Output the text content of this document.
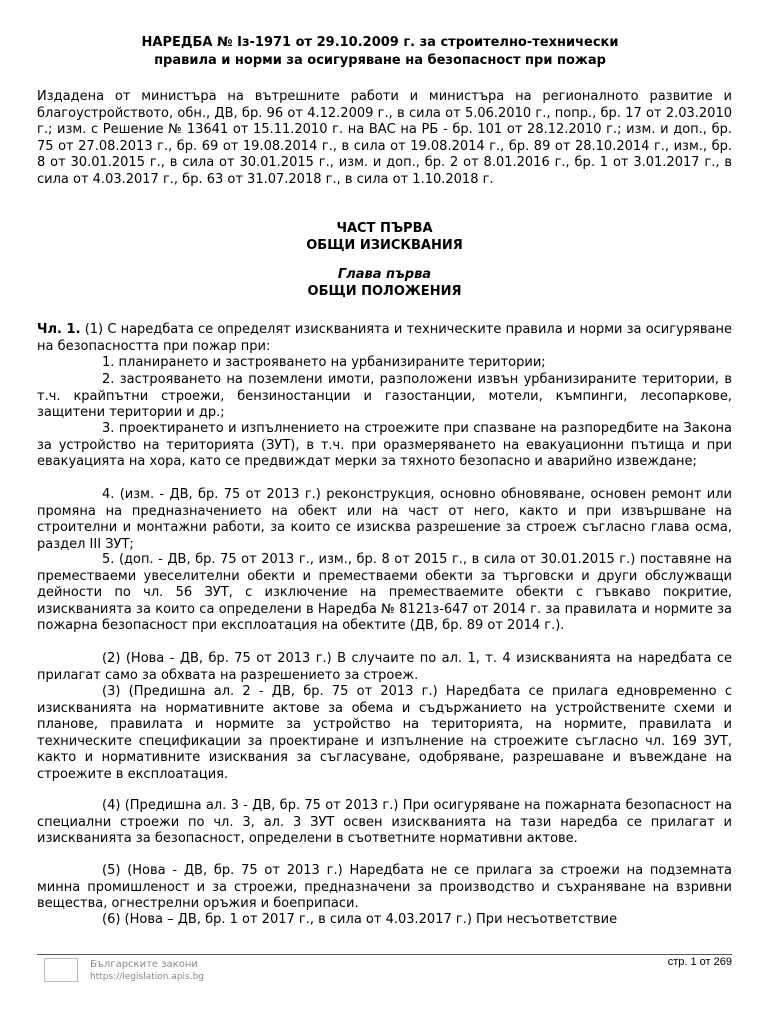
НАРЕДБА № Iз-1971 от 29.10.2009 г. за строително-технически
правила и норми за осигуряване на безопасност при пожар
Издадена от министъра на вътрешните работи и министъра на регионалното развитие и благоустройството, обн., ДВ, бр. 96 от 4.12.2009 г., в сила от 5.06.2010 г., попр., бр. 17 от 2.03.2010 г.; изм. с Решение № 13641 от 15.11.2010 г. на ВАС на РБ - бр. 101 от 28.12.2010 г.; изм. и доп., бр. 75 от 27.08.2013 г., бр. 69 от 19.08.2014 г., в сила от 19.08.2014 г., бр. 89 от 28.10.2014 г., изм., бр. 8 от 30.01.2015 г., в сила от 30.01.2015 г., изм. и доп., бр. 2 от 8.01.2016 г., бр. 1 от 3.01.2017 г., в сила от 4.03.2017 г., бр. 63 от 31.07.2018 г., в сила от 1.10.2018 г.
ЧАСТ ПЪРВА
ОБЩИ ИЗИСКВАНИЯ
Глава първа
ОБЩИ ПОЛОЖЕНИЯ
Чл. 1. (1) С наредбата се определят изискванията и техническите правила и норми за осигуряване на безопасността при пожар при:
1. планирането и застрояването на урбанизираните територии;
2. застрояването на поземлени имоти, разположени извън урбанизираните територии, в т.ч. крайпътни строежи, бензиностанции и газостанции, мотели, къмпинги, лесопаркове, защитени територии и др.;
3. проектирането и изпълнението на строежите при спазване на разпоредбите на Закона за устройство на територията (ЗУТ), в т.ч. при оразмеряването на евакуационни пътища и при евакуацията на хора, като се предвиждат мерки за тяхното безопасно и аварийно извеждане;
4. (изм. - ДВ, бр. 75 от 2013 г.) реконструкция, основно обновяване, основен ремонт или промяна на предназначението на обект или на част от него, както и при извършване на строителни и монтажни работи, за които се изисква разрешение за строеж съгласно глава осма, раздел III ЗУТ;
5. (доп. - ДВ, бр. 75 от 2013 г., изм., бр. 8 от 2015 г., в сила от 30.01.2015 г.) поставяне на преместваеми увеселителни обекти и преместваеми обекти за търговски и други обслужващи дейности по чл. 56 ЗУТ, с изключение на преместваемите обекти с гъвкаво покритие, изискванията за които са определени в Наредба № 8121з-647 от 2014 г. за правилата и нормите за пожарна безопасност при експлоатация на обектите (ДВ, бр. 89 от 2014 г.).
(2) (Нова - ДВ, бр. 75 от 2013 г.) В случаите по ал. 1, т. 4 изискванията на наредбата се прилагат само за обхвата на разрешението за строеж.
(3) (Предишна ал. 2 - ДВ, бр. 75 от 2013 г.) Наредбата се прилага едновременно с изискванията на нормативните актове за обема и съдържанието на устройствените схеми и планове, правилата и нормите за устройство на територията, на нормите, правилата и техническите спецификации за проектиране и изпълнение на строежите съгласно чл. 169 ЗУТ, както и нормативните изисквания за съгласуване, одобряване, разрешаване и въвеждане на строежите в експлоатация.
(4) (Предишна ал. 3 - ДВ, бр. 75 от 2013 г.) При осигуряване на пожарната безопасност на специални строежи по чл. 3, ал. 3 ЗУТ освен изискванията на тази наредба се прилагат и изискванията за безопасност, определени в съответните нормативни актове.
(5) (Нова - ДВ, бр. 75 от 2013 г.) Наредбата не се прилага за строежи на подземната минна промишленост и за строежи, предназначени за производство и съхраняване на взривни вещества, огнестрелни оръжия и боеприпаси.
(6) (Нова – ДВ, бр. 1 от 2017 г., в сила от 4.03.2017 г.) При несъответствие
Българските закони
https://legislation.apis.bg
стр. 1 от 269
